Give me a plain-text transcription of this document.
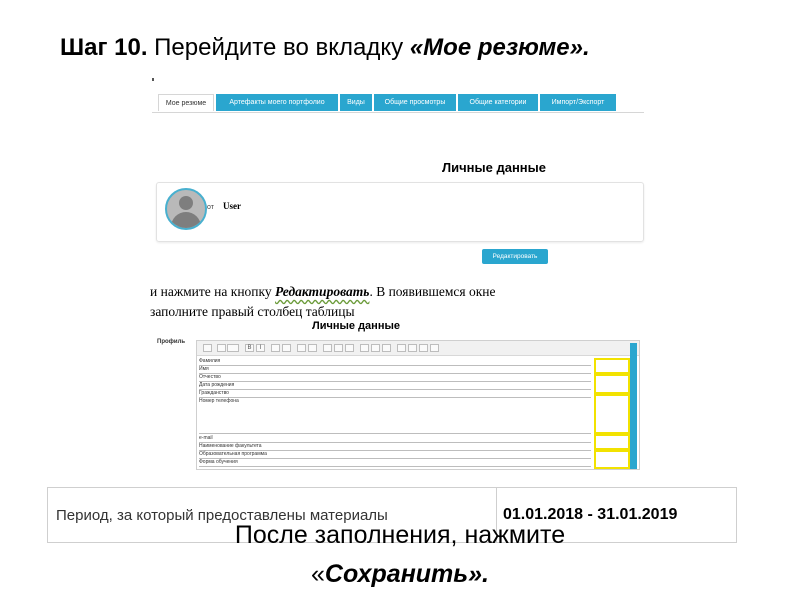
Шаг 10. Перейдите во вкладку «Мое резюме».
Мое резюме	Артефакты моего портфолио	Виды	Общие просмотры	Общие категории	Импорт/Экспорт
Личные данные
от User
Редактировать
и нажмите на кнопку Редактировать. В появившемся окне
заполните правый столбец таблицы
Личные данные
Профиль
B	I
Фамилия
Имя
Отчество
Дата рождения
Гражданство
Номер телефона
e-mail
Наименование факультета
Образовательная программа
Форма обучения
Период, за который предоставлены материалы	01.01.2018 - 31.01.2019
После заполнения, нажмите
«Сохранить».
